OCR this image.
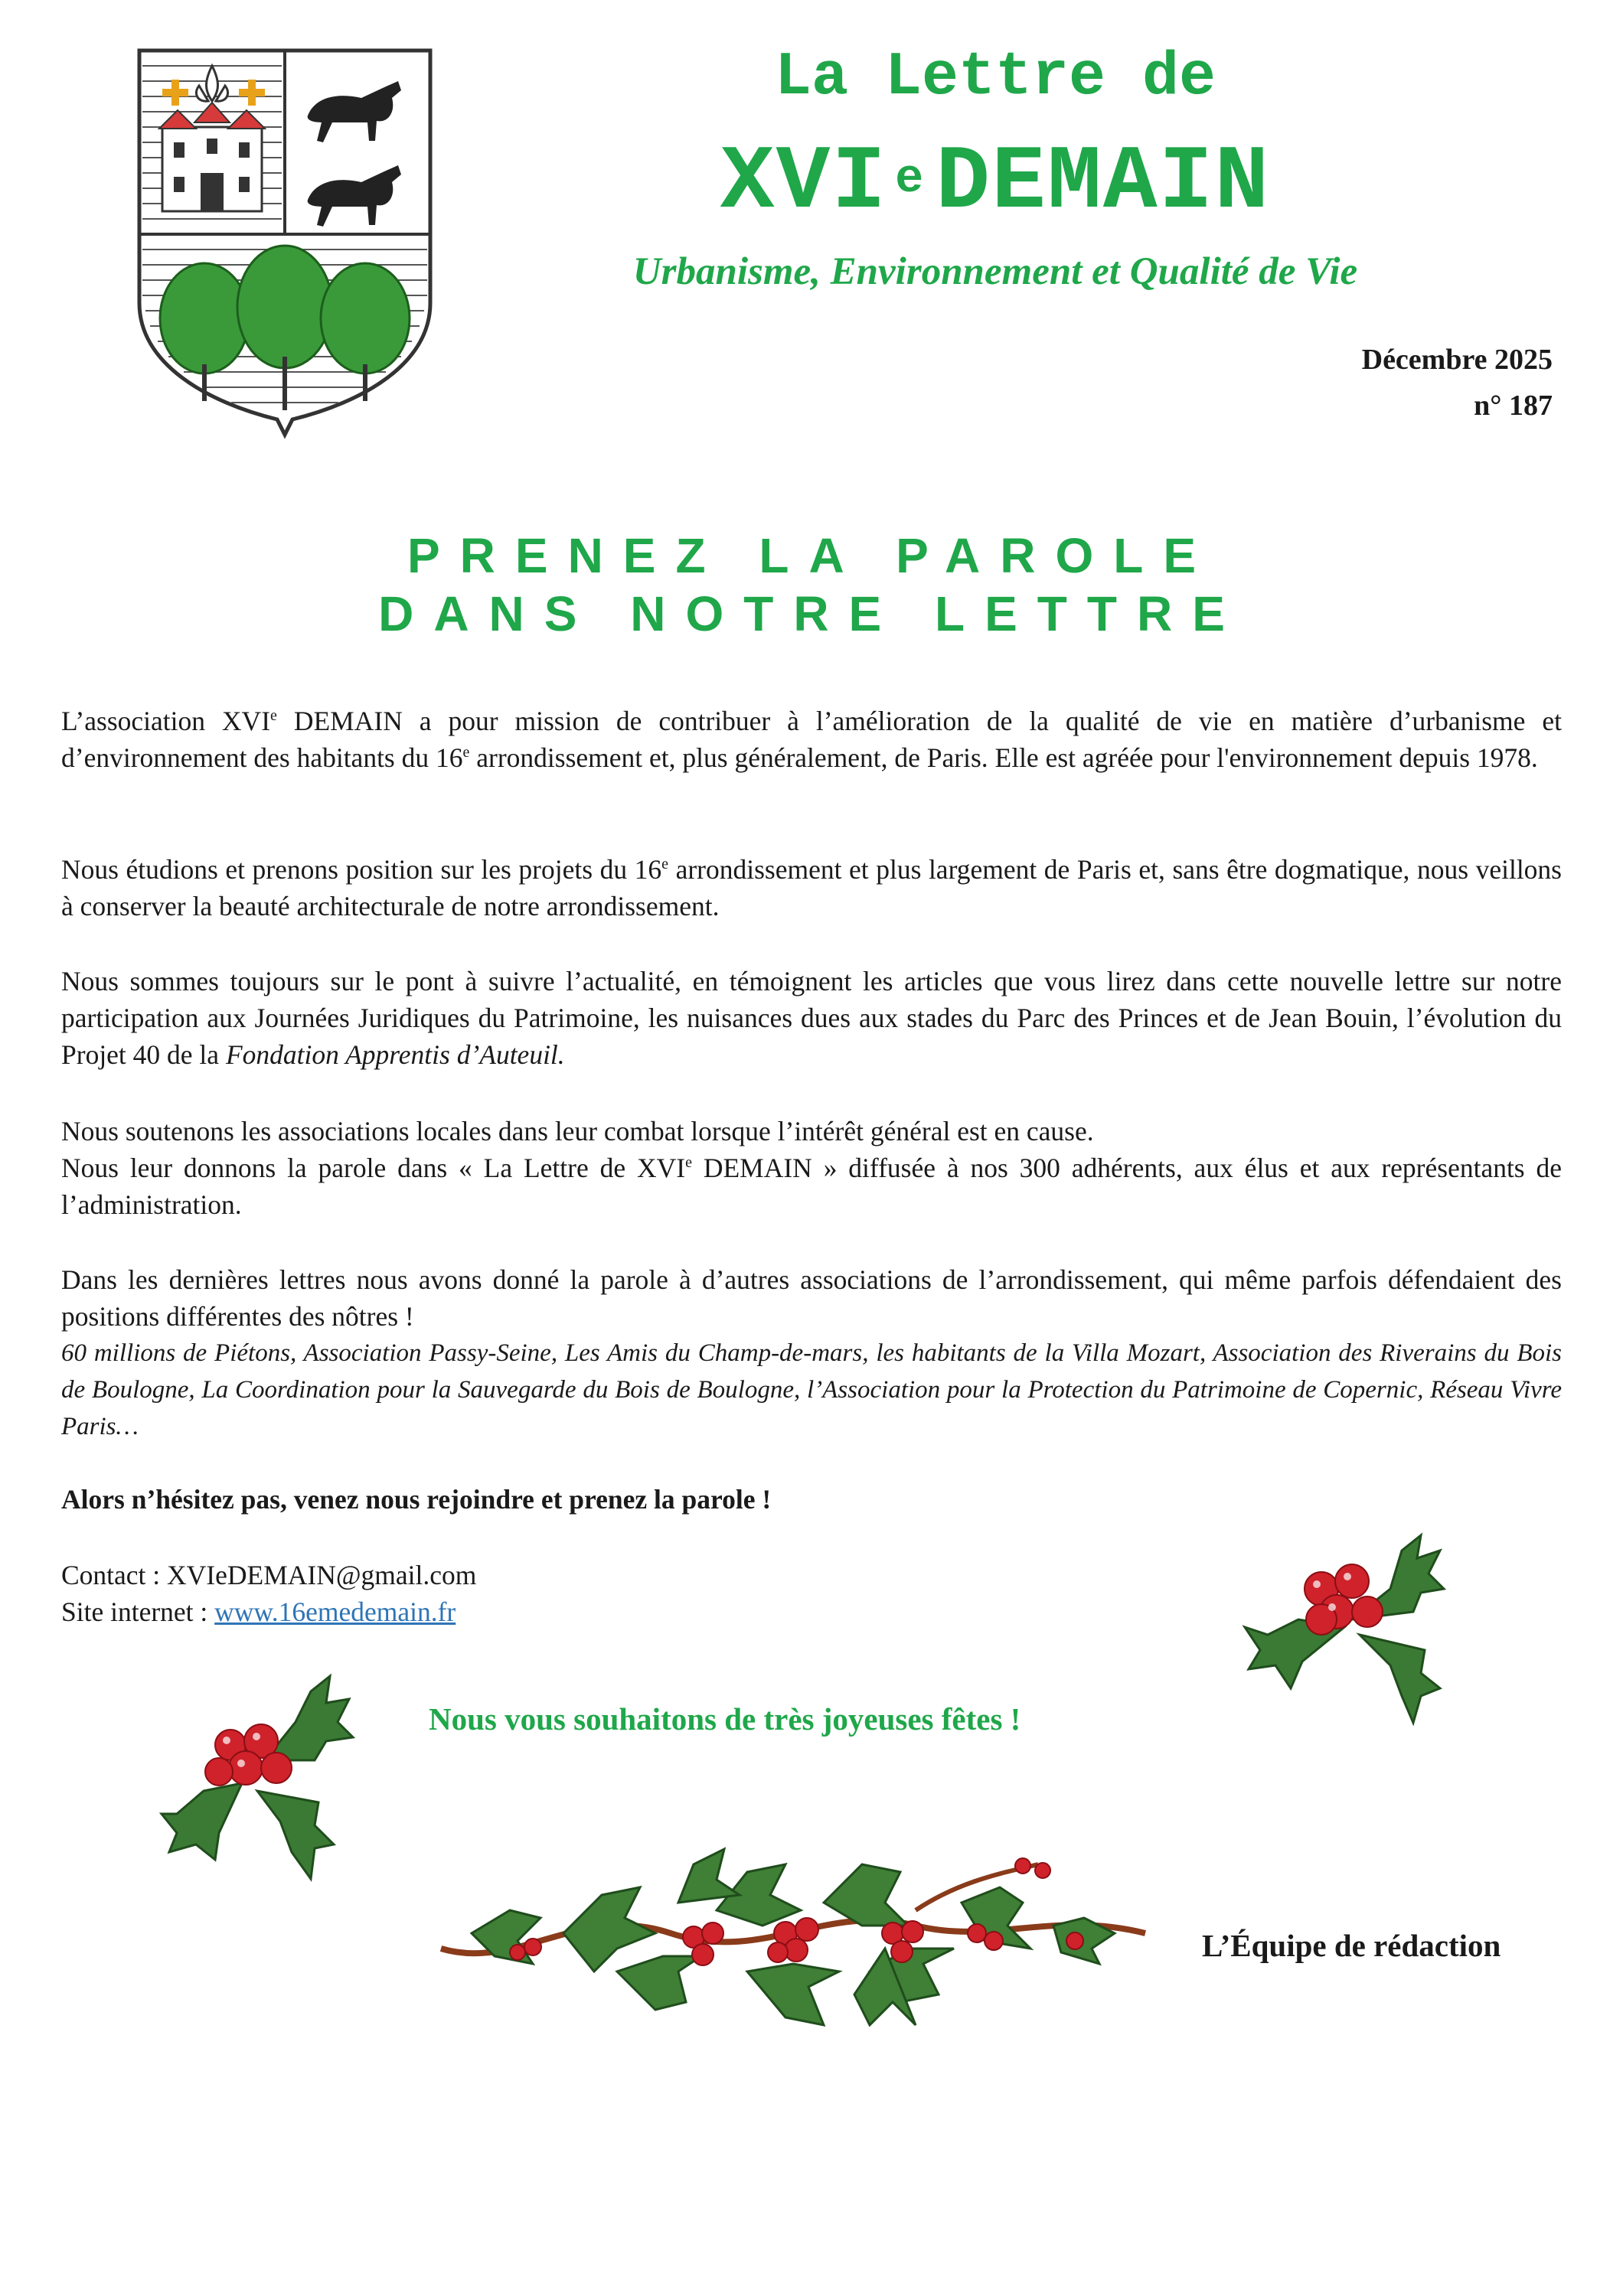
La Lettre de
XVI $^e$ DEMAIN
Urbanisme, Environnement et Qualité de Vie
Décembre 2025
n° 187
PRENEZ LA PAROLE
DANS NOTRE LETTRE
L’association XVIe DEMAIN a pour mission de contribuer à l’amélioration de la qualité de vie en matière d’urbanisme et d’environnement des habitants du 16e arrondissement et, plus généralement, de Paris. Elle est agréée pour l'environnement depuis 1978.
Nous étudions et prenons position sur les projets du 16e arrondissement et plus largement de Paris et, sans être dogmatique, nous veillons à conserver la beauté architecturale de notre arrondissement.
Nous sommes toujours sur le pont à suivre l’actualité, en témoignent les articles que vous lirez dans cette nouvelle lettre sur notre participation aux Journées Juridiques du Patrimoine, les nuisances dues aux stades du Parc des Princes et de Jean Bouin, l’évolution du Projet 40 de la Fondation Apprentis d’Auteuil.
Nous soutenons les associations locales dans leur combat lorsque l’intérêt général est en cause.
Nous leur donnons la parole dans « La Lettre de XVIe DEMAIN » diffusée à nos 300 adhérents, aux élus et aux représentants de l’administration.
Dans les dernières lettres nous avons donné la parole à d’autres associations de l’arrondissement, qui même parfois défendaient des positions différentes des nôtres !
60 millions de Piétons, Association Passy-Seine, Les Amis du Champ-de-mars, les habitants de la Villa Mozart, Association des Riverains du Bois de Boulogne, La Coordination pour la Sauvegarde du Bois de Boulogne, l’Association pour la Protection du Patrimoine de Copernic, Réseau Vivre Paris…
Alors n’hésitez pas, venez nous rejoindre et prenez la parole !
Contact : XVIeDEMAIN@gmail.com
Site internet : www.16emedemain.fr
Nous vous souhaitons de très joyeuses fêtes !
L’Équipe de rédaction
